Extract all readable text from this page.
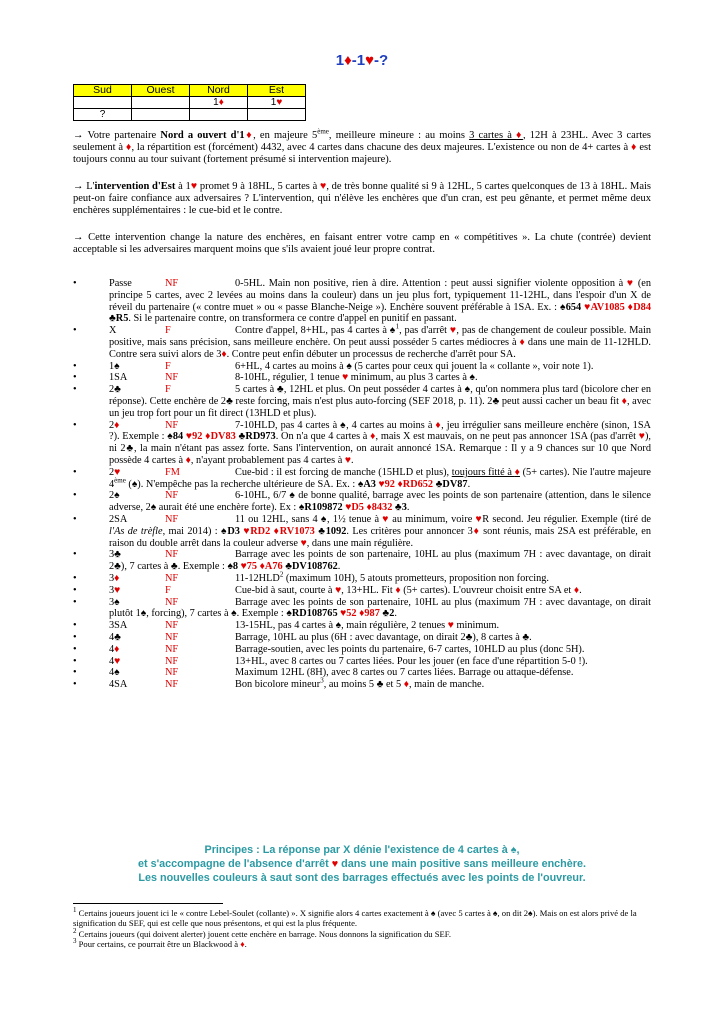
1♦-1♥-?
Sud	Ouest	Nord	Est
		1♦	1♥
?			
→ Votre partenaire Nord a ouvert d'1♦, en majeure 5ème, meilleure mineure : au moins 3 cartes à ♦, 12H à 23HL. Avec 3 cartes seulement à ♦, la répartition est (forcément) 4432, avec 4 cartes dans chacune des deux majeures. L'existence ou non de 4+ cartes à ♦ est toujours connu au tour suivant (fortement présumé si intervention majeure).
→ L'intervention d'Est à 1♥ promet 9 à 18HL, 5 cartes à ♥, de très bonne qualité si 9 à 12HL, 5 cartes quelconques de 13 à 18HL. Mais peut-on faire confiance aux adversaires ? L'intervention, qui n'élève les enchères que d'un cran, est peu gênante, et permet même deux enchères supplémentaires : le cue-bid et le contre.
→ Cette intervention change la nature des enchères, en faisant entrer votre camp en « compétitives ». La chute (contrée) devient acceptable si les adversaires marquent moins que s'ils avaient joué leur propre contrat.
•	Passe	NF	0-5HL. Main non positive, rien à dire. Attention : peut aussi signifier violente opposition à ♥ (en principe 5 cartes, avec 2 levées au moins dans la couleur) dans un jeu plus fort, typiquement 11-12HL, dans l'espoir d'un X de réveil du partenaire (« contre muet » ou « passe Blanche-Neige »). Enchère souvent préférable à 1SA. Ex. : ♠654 ♥AV1085 ♦D84 ♣R5. Si le partenaire contre, on transformera ce contre d'appel en punitif en passant.
•	X	F	Contre d'appel, 8+HL, pas 4 cartes à ♠$^1$, pas d'arrêt ♥, pas de changement de couleur possible. Main positive, mais sans précision, sans meilleure enchère. On peut aussi posséder 5 cartes médiocres à ♦ dans une main de 11-12HLD. Contre sera suivi alors de 3♦. Contre peut enfin débuter un processus de recherche d'arrêt pour SA.
•	1♠	F	6+HL, 4 cartes au moins à ♠ (5 cartes pour ceux qui jouent la « collante », voir note 1).
•	1SA	NF	8-10HL, régulier, 1 tenue ♥ minimum, au plus 3 cartes à ♠.
•	2♣	F	5 cartes à ♣, 12HL et plus. On peut posséder 4 cartes à ♠, qu'on nommera plus tard (bicolore cher en réponse). Cette enchère de 2♣ reste forcing, mais n'est plus auto-forcing (SEF 2018, p. 11). 2♣ peut aussi cacher un beau fit ♦, avec un jeu trop fort pour un fit direct (13HLD et plus).
•	2♦	NF	7-10HLD, pas 4 cartes à ♠, 4 cartes au moins à ♦, jeu irrégulier sans meilleure enchère (sinon, 1SA ?). Exemple : ♠84 ♥92 ♦DV83 ♣RD973. On n'a que 4 cartes à ♦, mais X est mauvais, on ne peut pas annoncer 1SA (pas d'arrêt ♥), ni 2♣, la main n'étant pas assez forte. Sans l'intervention, on aurait annoncé 1SA. Remarque : Il y a 9 chances sur 10 que Nord possède 4 cartes à ♦, n'ayant probablement pas 4 cartes à ♥.
•	2♥	FM	Cue-bid : il est forcing de manche (15HLD et plus), toujours fitté à ♦ (5+ cartes). Nie l'autre majeure 4ème (♠). N'empêche pas la recherche ultérieure de SA. Ex. : ♠A3 ♥92 ♦RD652 ♣DV87.
•	2♠	NF	6-10HL, 6/7 ♠ de bonne qualité, barrage avec les points de son partenaire (attention, dans le silence adverse, 2♠ aurait été une enchère forte). Ex : ♠R109872 ♥D5 ♦8432 ♣3.
•	2SA	NF	11 ou 12HL, sans 4 ♠, 1½ tenue à ♥ au minimum, voire ♥R second. Jeu régulier. Exemple (tiré de l'As de trèfle, mai 2014) : ♠D3 ♥RD2 ♦RV1073 ♣1092. Les critères pour annoncer 3♦ sont réunis, mais 2SA est préférable, en raison du double arrêt dans la couleur adverse ♥, dans une main régulière.
•	3♣	NF	Barrage avec les points de son partenaire, 10HL au plus (maximum 7H : avec davantage, on dirait 2♣), 7 cartes à ♣. Exemple : ♠8 ♥75 ♦A76 ♣DV108762.
•	3♦	NF	11-12HLD$^2$ (maximum 10H), 5 atouts prometteurs, proposition non forcing.
•	3♥	F	Cue-bid à saut, courte à ♥, 13+HL. Fit ♦ (5+ cartes). L'ouvreur choisit entre SA et ♦.
•	3♠	NF	Barrage avec les points de son partenaire, 10HL au plus (maximum 7H : avec davantage, on dirait plutôt 1♠, forcing), 7 cartes à ♠. Exemple : ♠RD108765 ♥52 ♦987 ♣2.
•	3SA	NF	13-15HL, pas 4 cartes à ♠, main régulière, 2 tenues ♥ minimum.
•	4♣	NF	Barrage, 10HL au plus (6H : avec davantage, on dirait 2♣), 8 cartes à ♣.
•	4♦	NF	Barrage-soutien, avec les points du partenaire, 6-7 cartes, 10HLD au plus (donc 5H).
•	4♥	NF	13+HL, avec 8 cartes ou 7 cartes liées. Pour les jouer (en face d'une répartition 5-0 !).
•	4♠	NF	Maximum 12HL (8H), avec 8 cartes ou 7 cartes liées. Barrage ou attaque-défense.
•	4SA	NF	Bon bicolore mineur$^3$, au moins 5 ♣ et 5 ♦, main de manche.
Principes : La réponse par X dénie l'existence de 4 cartes à ♠,
et s'accompagne de l'absence d'arrêt ♥ dans une main positive sans meilleure enchère.
Les nouvelles couleurs à saut sont des barrages effectués avec les points de l'ouvreur.

$^1$ Certains joueurs jouent ici le « contre Lebel-Soulet (collante) ». X signifie alors 4 cartes exactement à ♠ (avec 5 cartes à ♠, on dit 2♠). Mais on est alors privé de la signification du SEF, qui est celle que nous présentons, et qui est la plus fréquente.

$^2$ Certains joueurs (qui doivent alerter) jouent cette enchère en barrage. Nous donnons la signification du SEF.

$^3$ Pour certains, ce pourrait être un Blackwood à ♦.
